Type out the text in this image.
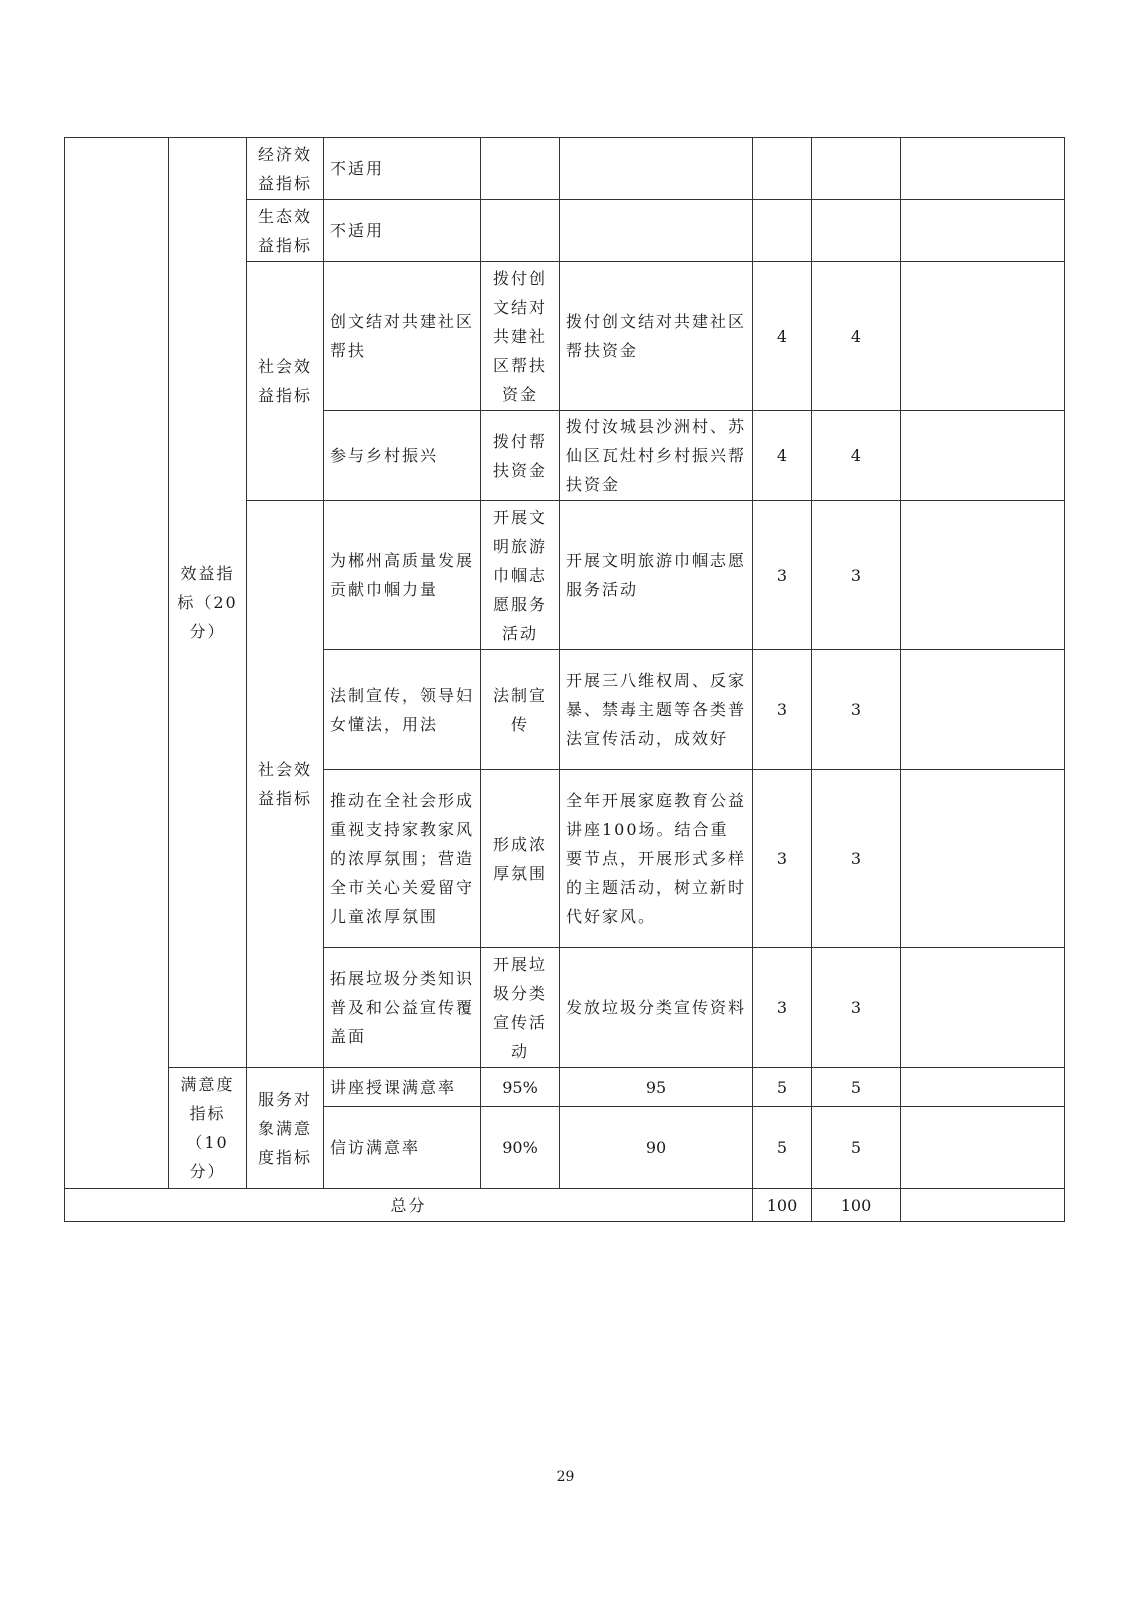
	效益指标（20分）	经济效益指标	不适用					
		生态效益指标	不适用					
		社会效益指标	创文结对共建社区帮扶	拨付创文结对共建社区帮扶资金	拨付创文结对共建社区帮扶资金	4	4	
			参与乡村振兴	拨付帮扶资金	拨付汝城县沙洲村、苏仙区瓦灶村乡村振兴帮扶资金	4	4	
		社会效益指标	为郴州高质量发展贡献巾帼力量	开展文明旅游巾帼志愿服务活动	开展文明旅游巾帼志愿服务活动	3	3	
			法制宣传，领导妇女懂法，用法	法制宣传	开展三八维权周、反家暴、禁毒主题等各类普法宣传活动，成效好	3	3	
			推动在全社会形成重视支持家教家风的浓厚氛围；营造全市关心关爱留守儿童浓厚氛围	形成浓厚氛围	全年开展家庭教育公益讲座100场。结合重要节点，开展形式多样的主题活动，树立新时代好家风。	3	3	
			拓展垃圾分类知识普及和公益宣传覆盖面	开展垃圾分类宣传活动	发放垃圾分类宣传资料	3	3	
	满意度指标（10分）	服务对象满意度指标	讲座授课满意率	95%	95	5	5	
			信访满意率	90%	90	5	5	
总分						100	100	
29
